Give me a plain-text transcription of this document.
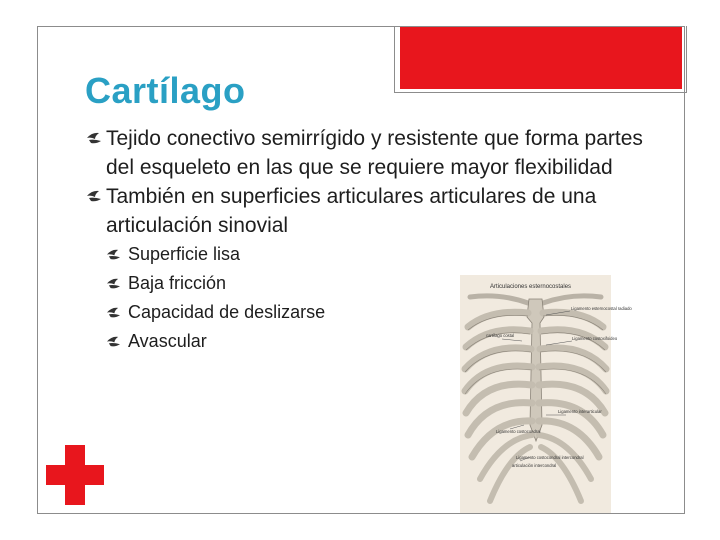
Cartílago
Tejido conectivo semirrígido y resistente que forma partes del esqueleto en las que se requiere mayor flexibilidad
También en superficies articulares articulares de una articulación sinovial
Superficie lisa
Baja fricción
Capacidad de deslizarse
Avascular
Articulaciones esternocostales
Ligamento esternocostal radiado
cartílago costal
Ligamento costoxifoideo
Ligamento costocondral
Ligamento interarticular
Ligamento costocondral intercondral
articulación intercondral
